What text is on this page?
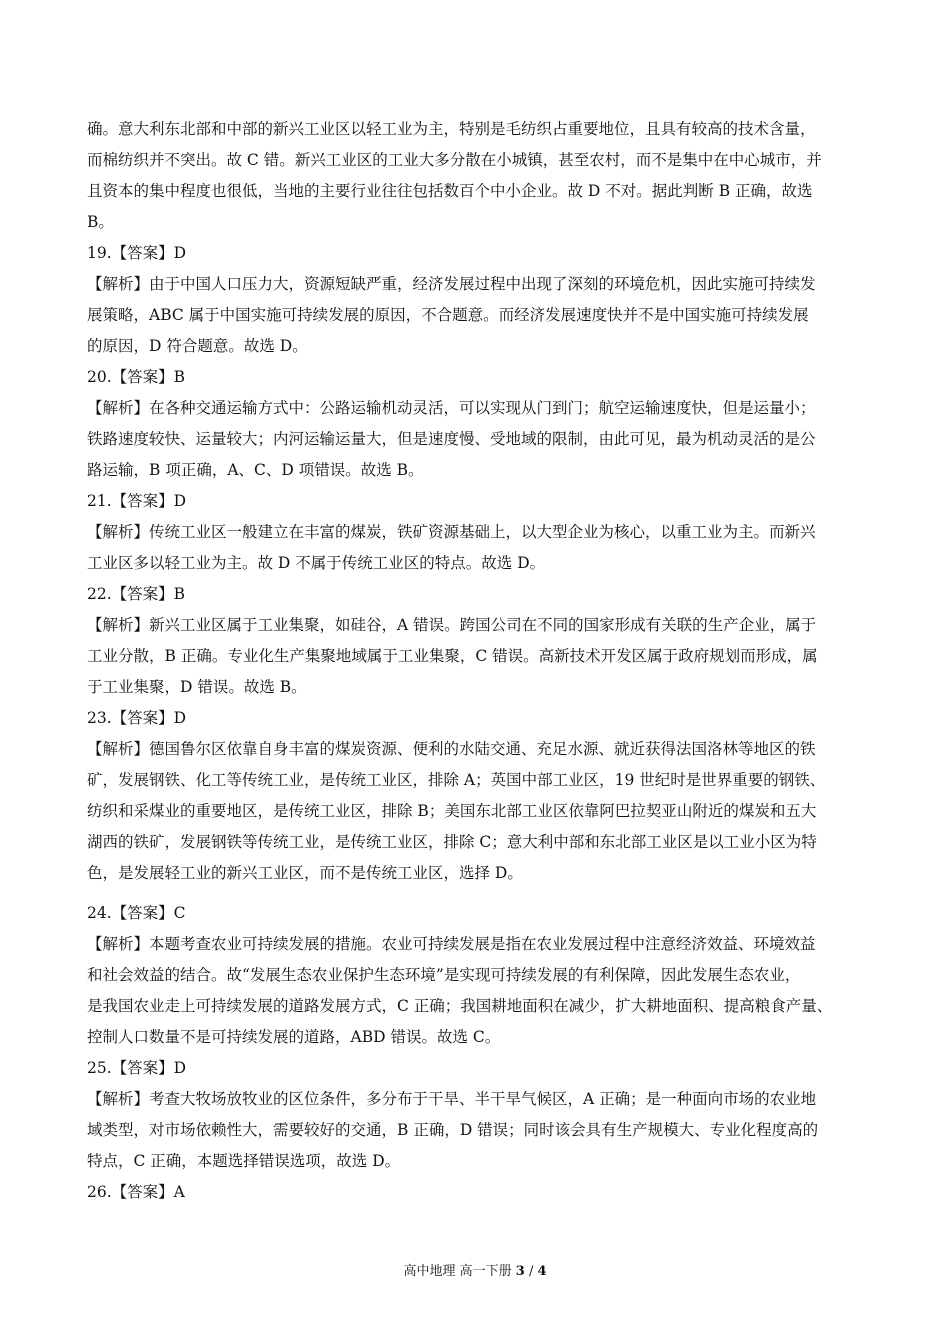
确。意大利东北部和中部的新兴工业区以轻工业为主，特别是毛纺织占重要地位，且具有较高的技术含量，
而棉纺织并不突出。故 C 错。新兴工业区的工业大多分散在小城镇，甚至农村，而不是集中在中心城市，并
且资本的集中程度也很低，当地的主要行业往往包括数百个中小企业。故 D 不对。据此判断 B 正确，故选
B。
19.【答案】D
【解析】由于中国人口压力大，资源短缺严重，经济发展过程中出现了深刻的环境危机，因此实施可持续发
展策略，ABC 属于中国实施可持续发展的原因，不合题意。而经济发展速度快并不是中国实施可持续发展
的原因，D 符合题意。故选 D。
20.【答案】B
【解析】在各种交通运输方式中：公路运输机动灵活，可以实现从门到门；航空运输速度快，但是运量小；
铁路速度较快、运量较大；内河运输运量大，但是速度慢、受地域的限制，由此可见，最为机动灵活的是公
路运输，B 项正确，A、C、D 项错误。故选 B。
21.【答案】D
【解析】传统工业区一般建立在丰富的煤炭，铁矿资源基础上，以大型企业为核心，以重工业为主。而新兴
工业区多以轻工业为主。故 D 不属于传统工业区的特点。故选 D。
22.【答案】B
【解析】新兴工业区属于工业集聚，如硅谷，A 错误。跨国公司在不同的国家形成有关联的生产企业，属于
工业分散，B 正确。专业化生产集聚地域属于工业集聚，C 错误。高新技术开发区属于政府规划而形成，属
于工业集聚，D 错误。故选 B。
23.【答案】D
【解析】德国鲁尔区依靠自身丰富的煤炭资源、便利的水陆交通、充足水源、就近获得法国洛林等地区的铁
矿，发展钢铁、化工等传统工业，是传统工业区，排除 A；英国中部工业区，19 世纪时是世界重要的钢铁、
纺织和采煤业的重要地区，是传统工业区，排除 B；美国东北部工业区依靠阿巴拉契亚山附近的煤炭和五大
湖西的铁矿，发展钢铁等传统工业，是传统工业区，排除 C；意大利中部和东北部工业区是以工业小区为特
色，是发展轻工业的新兴工业区，而不是传统工业区，选择 D。
24.【答案】C
【解析】本题考查农业可持续发展的措施。农业可持续发展是指在农业发展过程中注意经济效益、环境效益
和社会效益的结合。故“发展生态农业保护生态环境”是实现可持续发展的有利保障，因此发展生态农业，
是我国农业走上可持续发展的道路发展方式，C 正确；我国耕地面积在减少，扩大耕地面积、提高粮食产量、
控制人口数量不是可持续发展的道路，ABD 错误。故选 C。
25.【答案】D
【解析】考查大牧场放牧业的区位条件，多分布于干旱、半干旱气候区，A 正确；是一种面向市场的农业地
域类型，对市场依赖性大，需要较好的交通，B 正确，D 错误；同时该会具有生产规模大、专业化程度高的
特点，C 正确，本题选择错误选项，故选 D。
26.【答案】A
高中地理 高一下册 3 / 4
